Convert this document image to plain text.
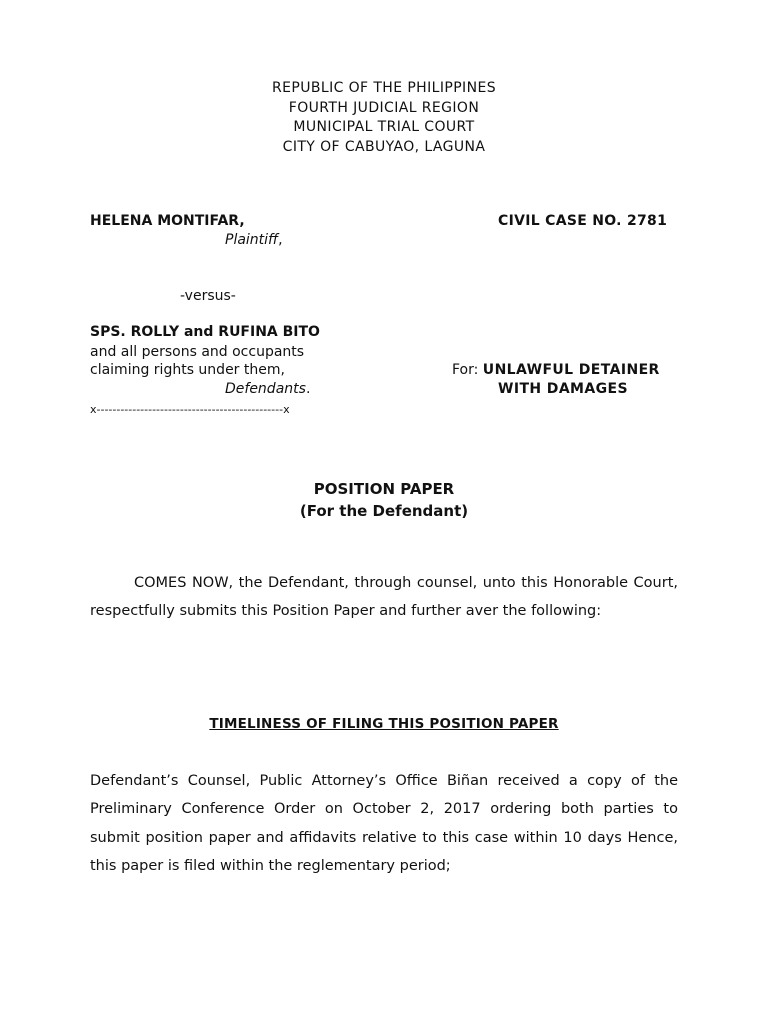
REPUBLIC OF THE PHILIPPINES
FOURTH JUDICIAL REGION
MUNICIPAL TRIAL COURT
CITY OF CABUYAO, LAGUNA
HELENA MONTIFAR,
Plaintiff,
CIVIL CASE NO. 2781
-versus-
SPS. ROLLY and RUFINA BITO
and all persons and occupants
claiming rights under them,
Defendants.
For: UNLAWFUL DETAINER
WITH DAMAGES
x-----------------------------------------------x
POSITION PAPER
(For the Defendant)
COMES NOW, the Defendant, through counsel, unto this Honorable Court, respectfully submits this Position Paper and further aver the following:
TIMELINESS OF FILING THIS POSITION PAPER
Defendant’s Counsel, Public Attorney’s Office Biñan received a copy of the Preliminary Conference Order on October 2, 2017 ordering both parties to submit position paper and affidavits relative to this case within 10 days Hence, this paper is filed within the reglementary period;
